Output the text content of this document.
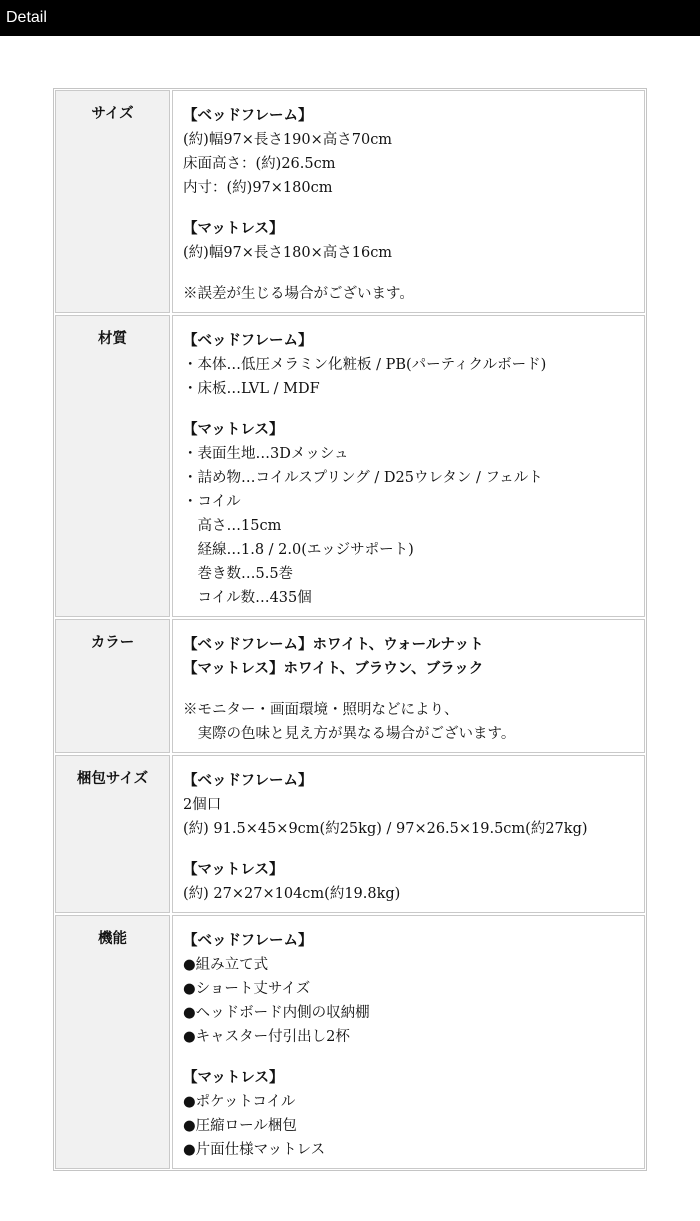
Detail
サイズ	【ベッドフレーム】
(約)幅97×長さ190×高さ70cm
床面高さ：(約)26.5cm
内寸：(約)97×180cm
【マットレス】
(約)幅97×長さ180×高さ16cm
※誤差が生じる場合がございます。
材質	【ベッドフレーム】
・本体…低圧メラミン化粧板 / PB(パーティクルボード)
・床板…LVL / MDF
【マットレス】
・表面生地…3Dメッシュ
・詰め物…コイルスプリング / D25ウレタン / フェルト
・コイル
　高さ…15cm
　経線…1.8 / 2.0(エッジサポート)
　巻き数…5.5巻
　コイル数…435個
カラー	【ベッドフレーム】ホワイト、ウォールナット
【マットレス】ホワイト、ブラウン、ブラック
※モニター・画面環境・照明などにより、
　実際の色味と見え方が異なる場合がございます。
梱包サイズ	【ベッドフレーム】
2個口
(約) 91.5×45×9cm(約25kg) / 97×26.5×19.5cm(約27kg)
【マットレス】
(約) 27×27×104cm(約19.8kg)
機能	【ベッドフレーム】
●組み立て式
●ショート丈サイズ
●ヘッドボード内側の収納棚
●キャスター付引出し2杯
【マットレス】
●ポケットコイル
●圧縮ロール梱包
●片面仕様マットレス
